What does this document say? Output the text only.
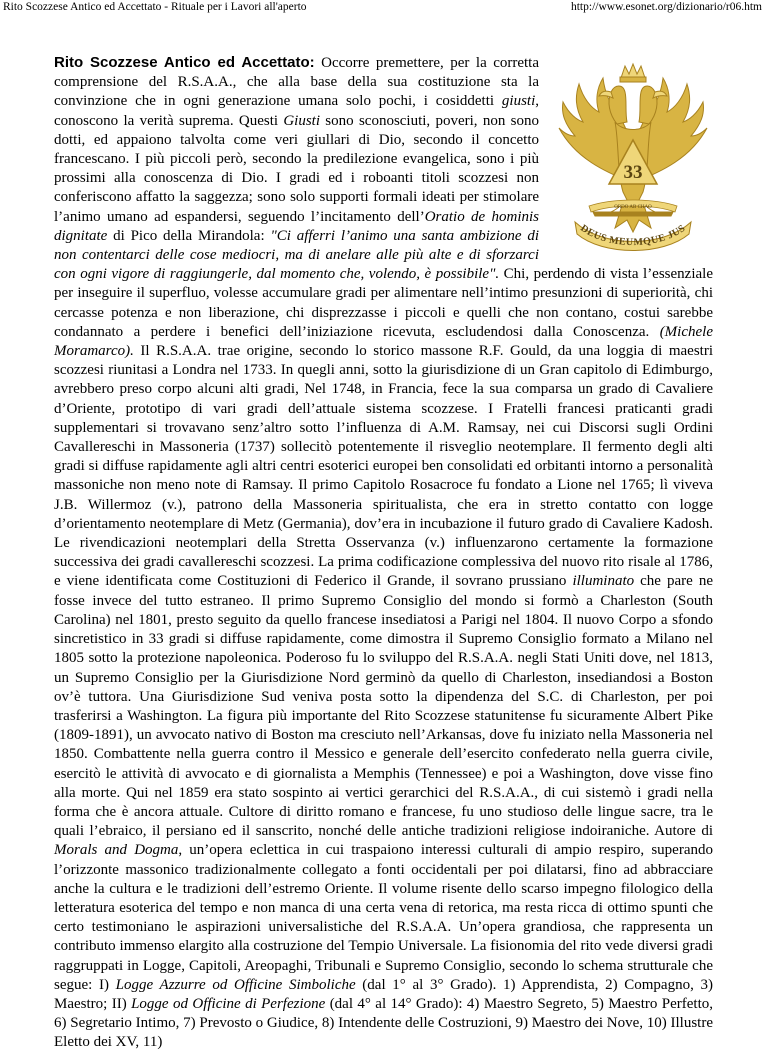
Rito Scozzese Antico ed Accettato - Rituale per i Lavori all'aperto	http://www.esonet.org/dizionario/r06.htm
33
ORDO AB CHAO
DEUS MEUMQUE JUS
Rito Scozzese Antico ed Accettato: Occorre premettere, per la corretta comprensione del R.S.A.A., che alla base della sua costituzione sta la convinzione che in ogni generazione umana solo pochi, i cosiddetti giusti, conoscono la verità suprema. Questi Giusti sono sconosciuti, poveri, non sono dotti, ed appaiono talvolta come veri giullari di Dio, secondo il concetto francescano. I più piccoli però, secondo la predilezione evangelica, sono i più prossimi alla conoscenza di Dio. I gradi ed i roboanti titoli scozzesi non conferiscono affatto la saggezza; sono solo supporti formali ideati per stimolare l’animo umano ad espandersi, seguendo l’incitamento dell’Oratio de hominis dignitate di Pico della Mirandola: "Ci afferri l’animo una santa ambizione di non contentarci delle cose mediocri, ma di anelare alle più alte e di sforzarci con ogni vigore di raggiungerle, dal momento che, volendo, è possibile". Chi, perdendo di vista l’essenziale per inseguire il superfluo, volesse accumulare gradi per alimentare nell’intimo presunzioni di superiorità, chi cercasse potenza e non liberazione, chi disprezzasse i piccoli e quelli che non contano, costui sarebbe condannato a perdere i benefici dell’iniziazione ricevuta, escludendosi dalla Conoscenza. (Michele Moramarco). Il R.S.A.A. trae origine, secondo lo storico massone R.F. Gould, da una loggia di maestri scozzesi riunitasi a Londra nel 1733. In quegli anni, sotto la giurisdizione di un Gran capitolo di Edimburgo, avrebbero preso corpo alcuni alti gradi, Nel 1748, in Francia, fece la sua comparsa un grado di Cavaliere d’Oriente, prototipo di vari gradi dell’attuale sistema scozzese. I Fratelli francesi praticanti gradi supplementari si trovavano senz’altro sotto l’influenza di A.M. Ramsay, nei cui Discorsi sugli Ordini Cavallereschi in Massoneria (1737) sollecitò potentemente il risveglio neotemplare. Il fermento degli alti gradi si diffuse rapidamente agli altri centri esoterici europei ben consolidati ed orbitanti intorno a personalità massoniche non meno note di Ramsay. Il primo Capitolo Rosacroce fu fondato a Lione nel 1765; lì viveva J.B. Willermoz (v.), patrono della Massoneria spiritualista, che era in stretto contatto con logge d’orientamento neotemplare di Metz (Germania), dov’era in incubazione il futuro grado di Cavaliere Kadosh. Le rivendicazioni neotemplari della Stretta Osservanza (v.) influenzarono certamente la formazione successiva dei gradi cavallereschi scozzesi. La prima codificazione complessiva del nuovo rito risale al 1786, e viene identificata come Costituzioni di Federico il Grande, il sovrano prussiano illuminato che pare ne fosse invece del tutto estraneo. Il primo Supremo Consiglio del mondo si formò a Charleston (South Carolina) nel 1801, presto seguito da quello francese insediatosi a Parigi nel 1804. Il nuovo Corpo a sfondo sincretistico in 33 gradi si diffuse rapidamente, come dimostra il Supremo Consiglio formato a Milano nel 1805 sotto la protezione napoleonica. Poderoso fu lo sviluppo del R.S.A.A. negli Stati Uniti dove, nel 1813, un Supremo Consiglio per la Giurisdizione Nord germinò da quello di Charleston, insediandosi a Boston ov’è tuttora. Una Giurisdizione Sud veniva posta sotto la dipendenza del S.C. di Charleston, per poi trasferirsi a Washington. La figura più importante del Rito Scozzese statunitense fu sicuramente Albert Pike (1809-1891), un avvocato nativo di Boston ma cresciuto nell’Arkansas, dove fu iniziato nella Massoneria nel 1850. Combattente nella guerra contro il Messico e generale dell’esercito confederato nella guerra civile, esercitò le attività di avvocato e di giornalista a Memphis (Tennessee) e poi a Washington, dove visse fino alla morte. Qui nel 1859 era stato sospinto ai vertici gerarchici del R.S.A.A., di cui sistemò i gradi nella forma che è ancora attuale. Cultore di diritto romano e francese, fu uno studioso delle lingue sacre, tra le quali l’ebraico, il persiano ed il sanscrito, nonché delle antiche tradizioni religiose indoiraniche. Autore di Morals and Dogma, un’opera eclettica in cui traspaiono interessi culturali di ampio respiro, superando l’orizzonte massonico tradizionalmente collegato a fonti occidentali per poi dilatarsi, fino ad abbracciare anche la cultura e le tradizioni dell’estremo Oriente. Il volume risente dello scarso impegno filologico della letteratura esoterica del tempo e non manca di una certa vena di retorica, ma resta ricca di ottimo spunti che certo testimoniano le aspirazioni universalistiche del R.S.A.A. Un’opera grandiosa, che rappresenta un contributo immenso elargito alla costruzione del Tempio Universale. La fisionomia del rito vede diversi gradi raggruppati in Logge, Capitoli, Areopaghi, Tribunali e Supremo Consiglio, secondo lo schema strutturale che segue: I) Logge Azzurre od Officine Simboliche (dal 1° al 3° Grado). 1) Apprendista, 2) Compagno, 3) Maestro; II) Logge od Officine di Perfezione (dal 4° al 14° Grado): 4) Maestro Segreto, 5) Maestro Perfetto, 6) Segretario Intimo, 7) Prevosto o Giudice, 8) Intendente delle Costruzioni, 9) Maestro dei Nove, 10) Illustre Eletto dei XV, 11)
